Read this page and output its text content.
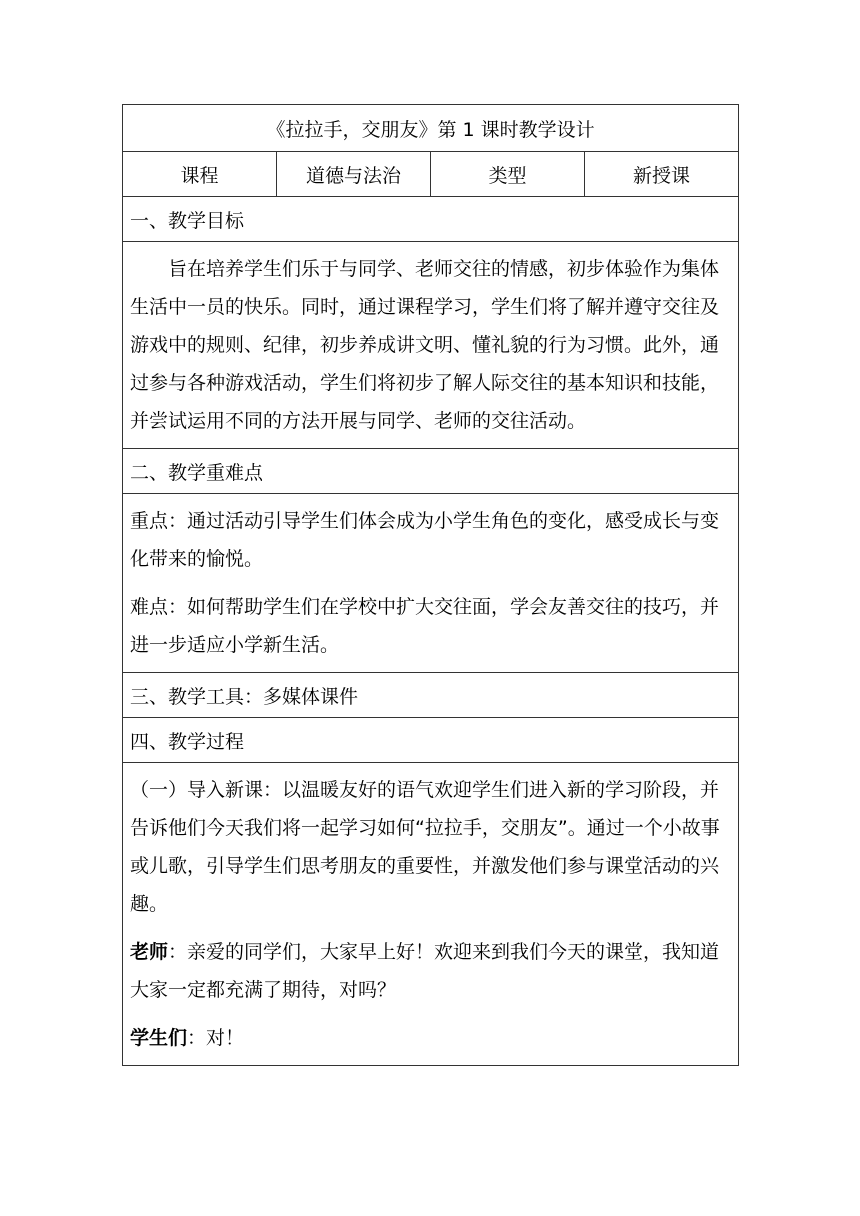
《拉拉手，交朋友》第 1 课时教学设计
课程	道德与法治	类型	新授课
一、教学目标

旨在培养学生们乐于与同学、老师交往的情感，初步体验作为集体生活中一员的快乐。同时，通过课程学习，学生们将了解并遵守交往及游戏中的规则、纪律，初步养成讲文明、懂礼貌的行为习惯。此外，通过参与各种游戏活动，学生们将初步了解人际交往的基本知识和技能，并尝试运用不同的方法开展与同学、老师的交往活动。

二、教学重难点

重点：通过活动引导学生们体会成为小学生角色的变化，感受成长与变化带来的愉悦。

难点：如何帮助学生们在学校中扩大交往面，学会友善交往的技巧，并进一步适应小学新生活。

三、教学工具：多媒体课件
四、教学过程

（一）导入新课：以温暖友好的语气欢迎学生们进入新的学习阶段，并告诉他们今天我们将一起学习如何“拉拉手，交朋友”。通过一个小故事或儿歌，引导学生们思考朋友的重要性，并激发他们参与课堂活动的兴趣。

老师：亲爱的同学们，大家早上好！欢迎来到我们今天的课堂，我知道大家一定都充满了期待，对吗？

学生们：对！
